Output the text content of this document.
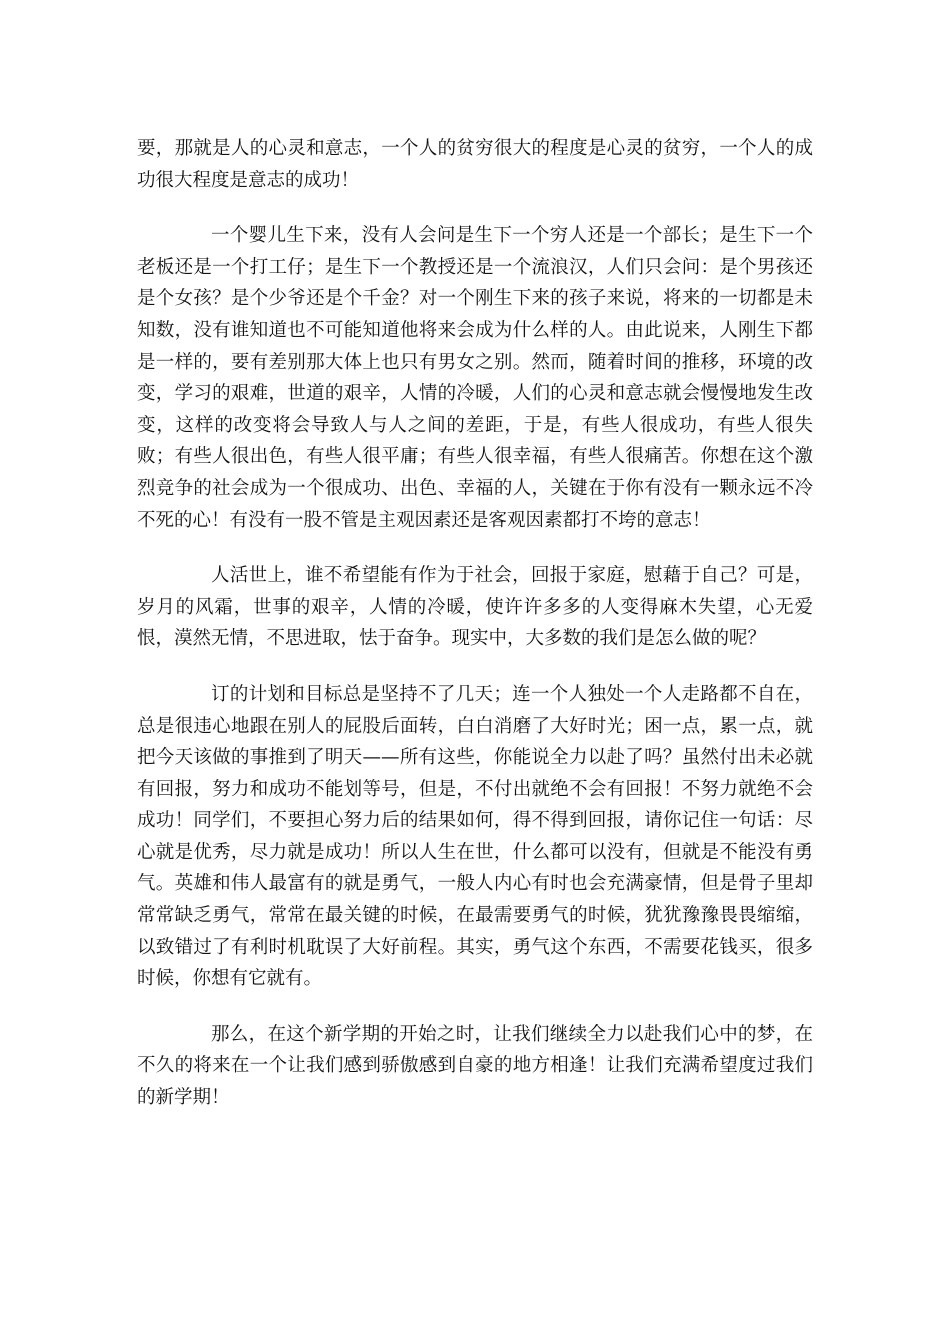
要，那就是人的心灵和意志，一个人的贫穷很大的程度是心灵的贫穷，一个人的成功很大程度是意志的成功！

一个婴儿生下来，没有人会问是生下一个穷人还是一个部长；是生下一个老板还是一个打工仔；是生下一个教授还是一个流浪汉，人们只会问：是个男孩还是个女孩？是个少爷还是个千金？对一个刚生下来的孩子来说，将来的一切都是未知数，没有谁知道也不可能知道他将来会成为什么样的人。由此说来，人刚生下都是一样的，要有差别那大体上也只有男女之别。然而，随着时间的推移，环境的改变，学习的艰难，世道的艰辛，人情的冷暖，人们的心灵和意志就会慢慢地发生改变，这样的改变将会导致人与人之间的差距，于是，有些人很成功，有些人很失败；有些人很出色，有些人很平庸；有些人很幸福，有些人很痛苦。你想在这个激烈竞争的社会成为一个很成功、出色、幸福的人，关键在于你有没有一颗永远不冷不死的心！有没有一股不管是主观因素还是客观因素都打不垮的意志！

人活世上，谁不希望能有作为于社会，回报于家庭，慰藉于自己？可是，岁月的风霜，世事的艰辛，人情的冷暖，使许许多多的人变得麻木失望，心无爱恨，漠然无情，不思进取，怯于奋争。现实中，大多数的我们是怎么做的呢？

订的计划和目标总是坚持不了几天；连一个人独处一个人走路都不自在，总是很违心地跟在别人的屁股后面转，白白消磨了大好时光；困一点，累一点，就把今天该做的事推到了明天——所有这些，你能说全力以赴了吗？虽然付出未必就有回报，努力和成功不能划等号，但是，不付出就绝不会有回报！不努力就绝不会成功！同学们，不要担心努力后的结果如何，得不得到回报，请你记住一句话：尽心就是优秀，尽力就是成功！所以人生在世，什么都可以没有，但就是不能没有勇气。英雄和伟人最富有的就是勇气，一般人内心有时也会充满豪情，但是骨子里却常常缺乏勇气，常常在最关键的时候，在最需要勇气的时候，犹犹豫豫畏畏缩缩，以致错过了有利时机耽误了大好前程。其实，勇气这个东西，不需要花钱买，很多时候，你想有它就有。

那么，在这个新学期的开始之时，让我们继续全力以赴我们心中的梦，在不久的将来在一个让我们感到骄傲感到自豪的地方相逢！让我们充满希望度过我们的新学期！
